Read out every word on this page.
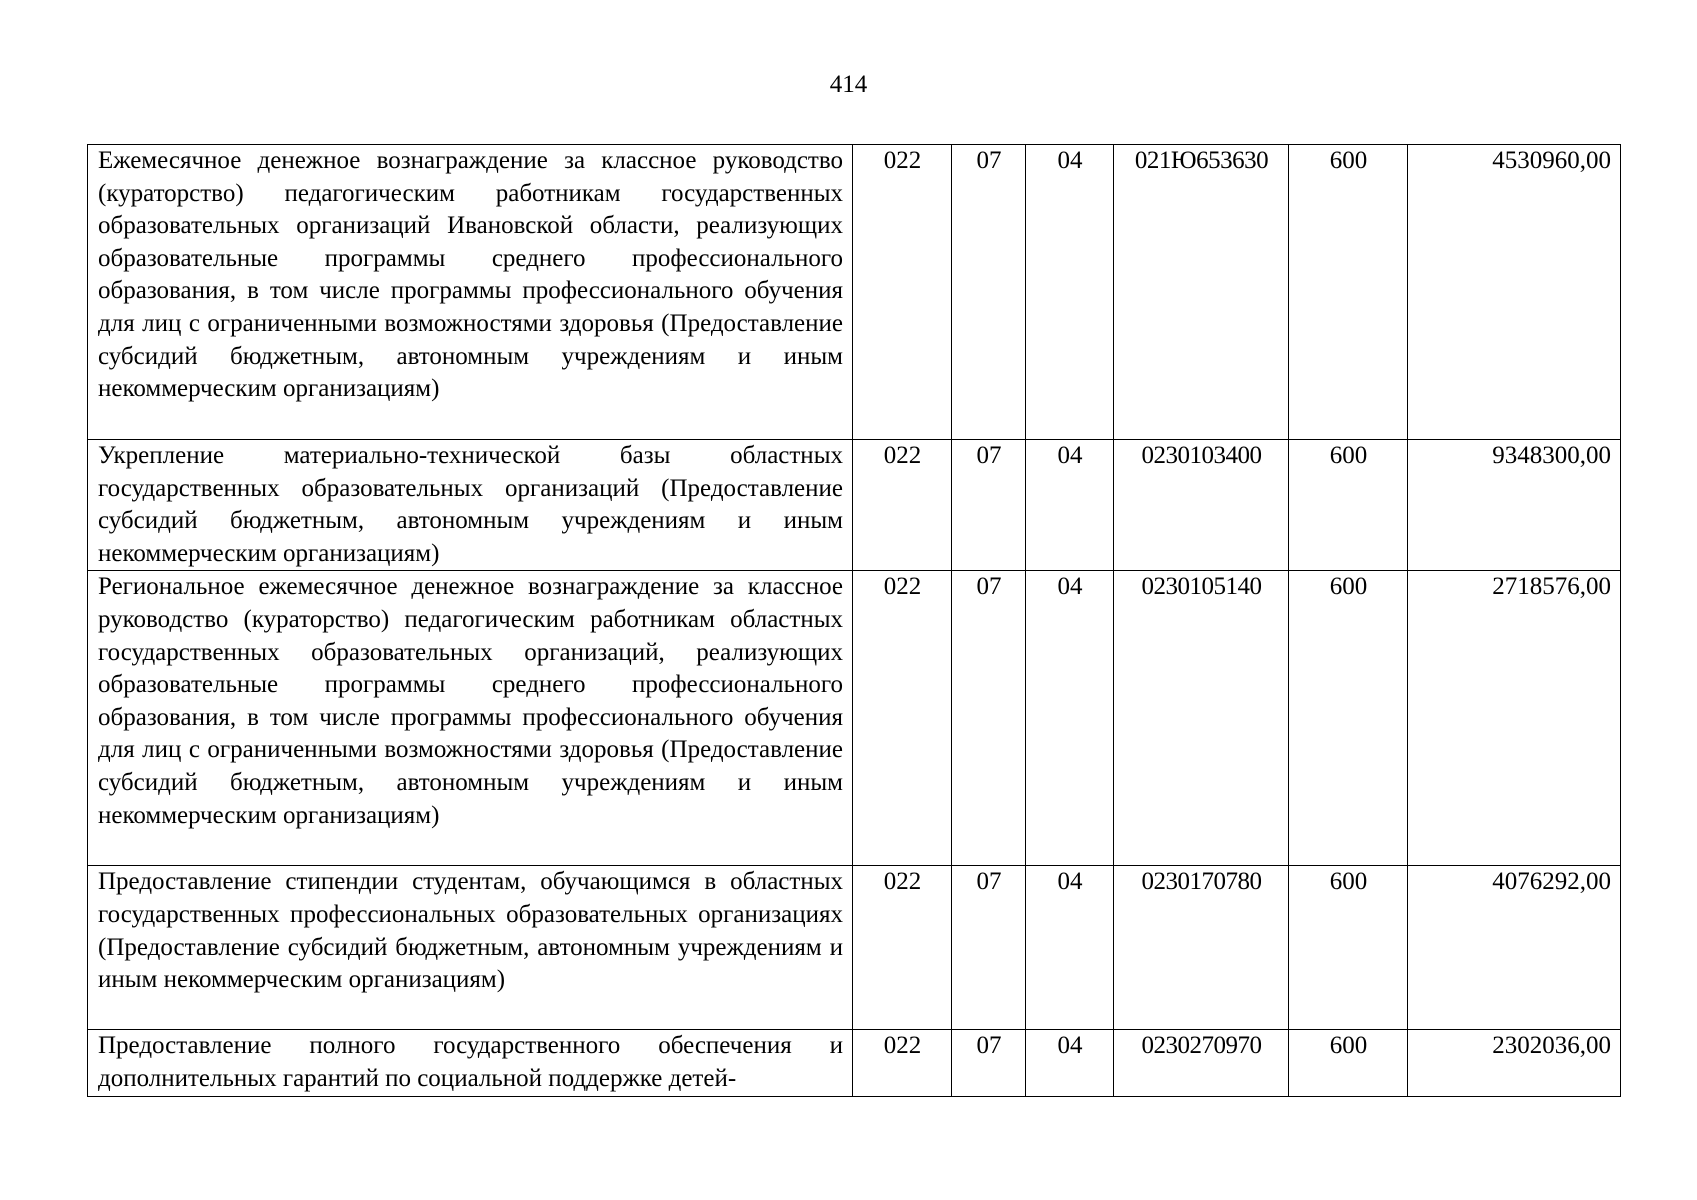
414
Ежемесячное денежное вознаграждение за классное руководство (кураторство) педагогическим работникам государственных образовательных организаций Ивановской области, реализующих образовательные программы среднего профессионального образования, в том числе программы профессионального обучения для лиц с ограниченными возможностями здоровья (Предоставление субсидий бюджетным, автономным учреждениям и иным некоммерческим организациям)	022	07	04	021Ю653630	600	4530960,00
Укрепление материально-технической базы областных государственных образовательных организаций (Предоставление субсидий бюджетным, автономным учреждениям и иным некоммерческим организациям)	022	07	04	0230103400	600	9348300,00
Региональное ежемесячное денежное вознаграждение за классное руководство (кураторство) педагогическим работникам областных государственных образовательных организаций, реализующих образовательные программы среднего профессионального образования, в том числе программы профессионального обучения для лиц с ограниченными возможностями здоровья (Предоставление субсидий бюджетным, автономным учреждениям и иным некоммерческим организациям)	022	07	04	0230105140	600	2718576,00
Предоставление стипендии студентам, обучающимся в областных государственных профессиональных образовательных организациях (Предоставление субсидий бюджетным, автономным учреждениям и иным некоммерческим организациям)	022	07	04	0230170780	600	4076292,00
Предоставление полного государственного обеспечения и дополнительных гарантий по социальной поддержке детей-	022	07	04	0230270970	600	2302036,00
